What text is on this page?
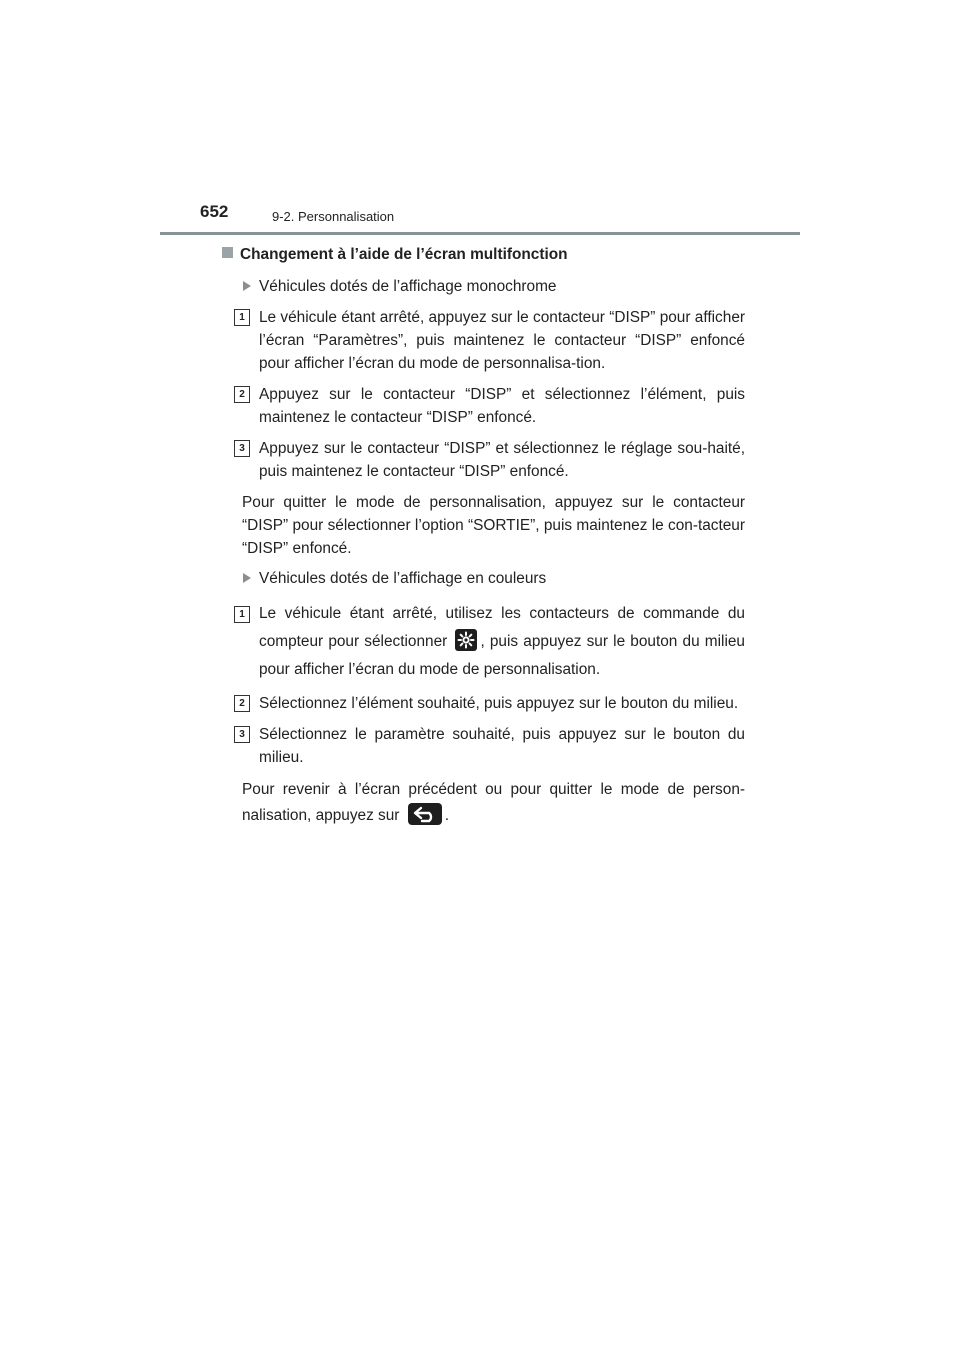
652	9-2. Personnalisation
Changement à l’aide de l’écran multifonction
Véhicules dotés de l’affichage monochrome
1 Le véhicule étant arrêté, appuyez sur le contacteur “DISP” pour afficher l’écran “Paramètres”, puis maintenez le contacteur “DISP” enfoncé pour afficher l’écran du mode de personnalisa-tion.
2 Appuyez sur le contacteur “DISP” et sélectionnez l’élément, puis maintenez le contacteur “DISP” enfoncé.
3 Appuyez sur le contacteur “DISP” et sélectionnez le réglage sou-haité, puis maintenez le contacteur “DISP” enfoncé.
Pour quitter le mode de personnalisation, appuyez sur le contacteur “DISP” pour sélectionner l’option “SORTIE”, puis maintenez le con-tacteur “DISP” enfoncé.
Véhicules dotés de l’affichage en couleurs
1 Le véhicule étant arrêté, utilisez les contacteurs de commande du compteur pour sélectionner , puis appuyez sur le bouton du milieu pour afficher l’écran du mode de personnalisation.
2 Sélectionnez l’élément souhaité, puis appuyez sur le bouton du milieu.
3 Sélectionnez le paramètre souhaité, puis appuyez sur le bouton du milieu.
Pour revenir à l’écran précédent ou pour quitter le mode de person-nalisation, appuyez sur	.
